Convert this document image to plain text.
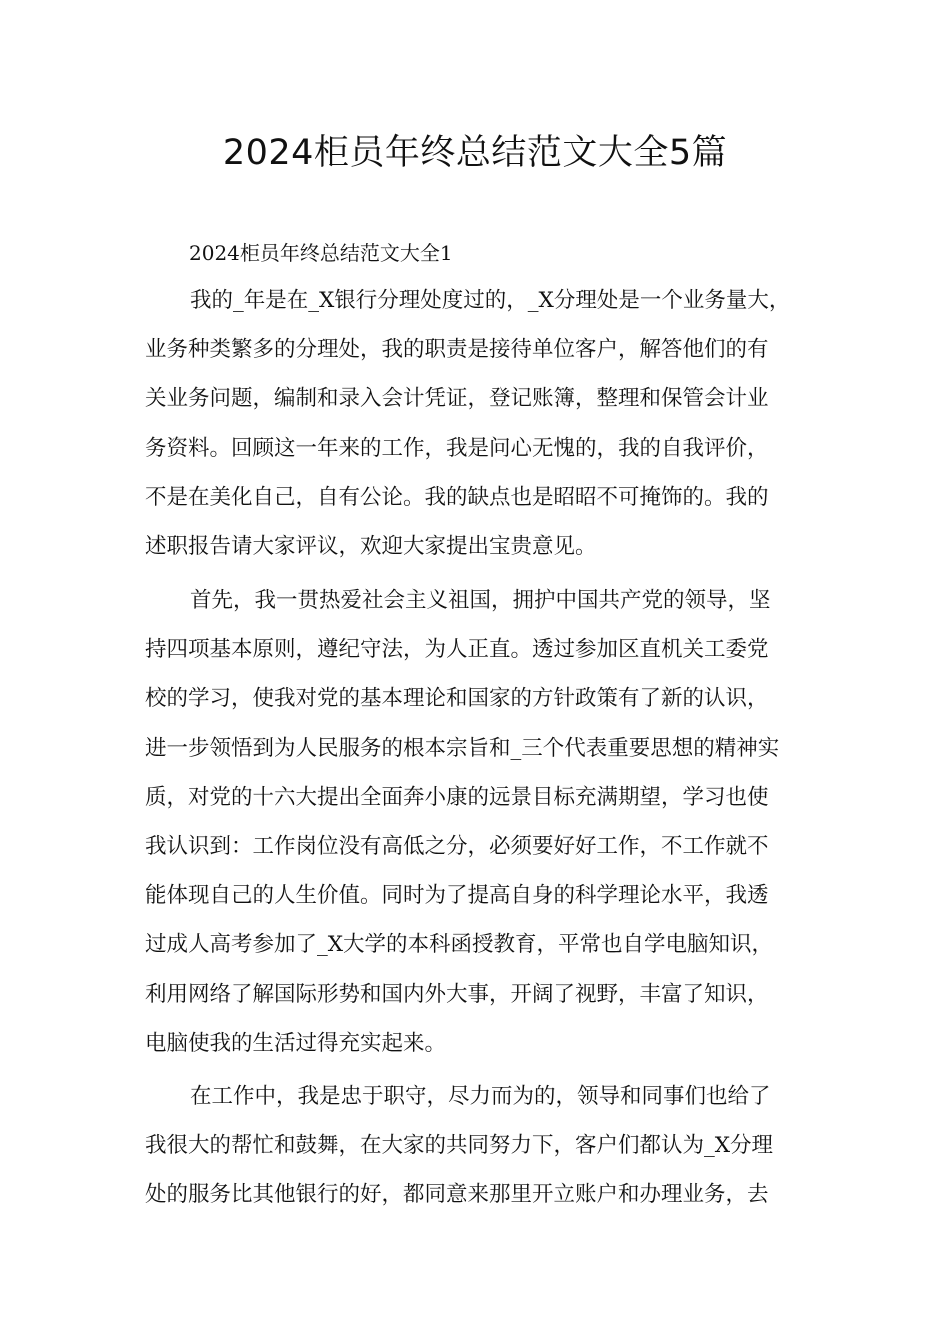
2024柜员年终总结范文大全5篇

2024柜员年终总结范文大全1

我的_年是在_X银行分理处度过的，_X分理处是一个业务量大，
业务种类繁多的分理处，我的职责是接待单位客户，解答他们的有
关业务问题，编制和录入会计凭证，登记账簿，整理和保管会计业
务资料。回顾这一年来的工作，我是问心无愧的，我的自我评价，
不是在美化自己，自有公论。我的缺点也是昭昭不可掩饰的。我的
述职报告请大家评议，欢迎大家提出宝贵意见。
首先，我一贯热爱社会主义祖国，拥护中国共产党的领导，坚
持四项基本原则，遵纪守法，为人正直。透过参加区直机关工委党
校的学习，使我对党的基本理论和国家的方针政策有了新的认识，
进一步领悟到为人民服务的根本宗旨和_三个代表重要思想的精神实
质，对党的十六大提出全面奔小康的远景目标充满期望，学习也使
我认识到：工作岗位没有高低之分，必须要好好工作，不工作就不
能体现自己的人生价值。同时为了提高自身的科学理论水平，我透
过成人高考参加了_X大学的本科函授教育，平常也自学电脑知识，
利用网络了解国际形势和国内外大事，开阔了视野，丰富了知识，
电脑使我的生活过得充实起来。
在工作中，我是忠于职守，尽力而为的，领导和同事们也给了
我很大的帮忙和鼓舞，在大家的共同努力下，客户们都认为_X分理
处的服务比其他银行的好，都同意来那里开立账户和办理业务，去
